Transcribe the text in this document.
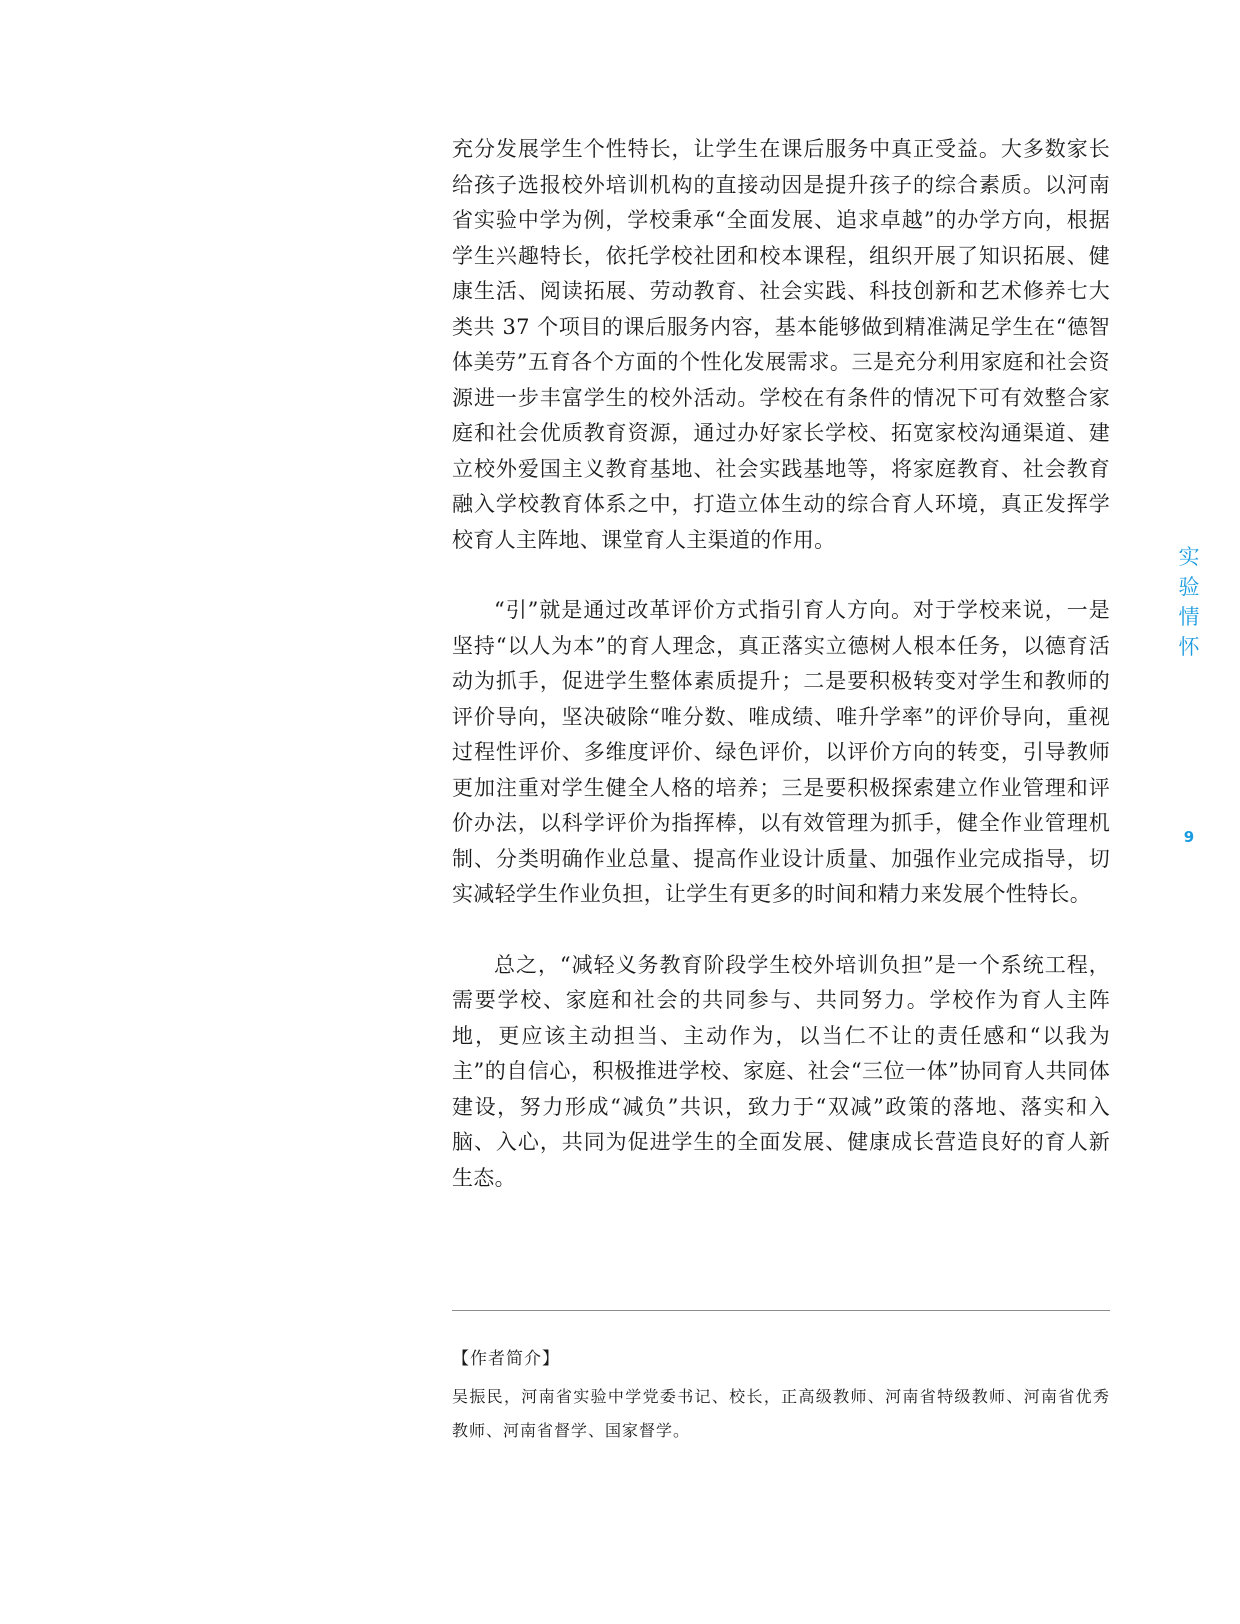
充分发展学生个性特长，让学生在课后服务中真正受益。大多数家长给孩子选报校外培训机构的直接动因是提升孩子的综合素质。以河南省实验中学为例，学校秉承“全面发展、追求卓越”的办学方向，根据学生兴趣特长，依托学校社团和校本课程，组织开展了知识拓展、健康生活、阅读拓展、劳动教育、社会实践、科技创新和艺术修养七大类共 37 个项目的课后服务内容，基本能够做到精准满足学生在“德智体美劳”五育各个方面的个性化发展需求。三是充分利用家庭和社会资源进一步丰富学生的校外活动。学校在有条件的情况下可有效整合家庭和社会优质教育资源，通过办好家长学校、拓宽家校沟通渠道、建立校外爱国主义教育基地、社会实践基地等，将家庭教育、社会教育融入学校教育体系之中，打造立体生动的综合育人环境，真正发挥学校育人主阵地、课堂育人主渠道的作用。

“引”就是通过改革评价方式指引育人方向。对于学校来说，一是坚持“以人为本”的育人理念，真正落实立德树人根本任务，以德育活动为抓手，促进学生整体素质提升；二是要积极转变对学生和教师的评价导向，坚决破除“唯分数、唯成绩、唯升学率”的评价导向，重视过程性评价、多维度评价、绿色评价，以评价方向的转变，引导教师更加注重对学生健全人格的培养；三是要积极探索建立作业管理和评价办法，以科学评价为指挥棒，以有效管理为抓手，健全作业管理机制、分类明确作业总量、提高作业设计质量、加强作业完成指导，切实减轻学生作业负担，让学生有更多的时间和精力来发展个性特长。

总之，“减轻义务教育阶段学生校外培训负担”是一个系统工程，需要学校、家庭和社会的共同参与、共同努力。学校作为育人主阵地，更应该主动担当、主动作为，以当仁不让的责任感和“以我为主”的自信心，积极推进学校、家庭、社会“三位一体”协同育人共同体建设，努力形成“减负”共识，致力于“双减”政策的落地、落实和入脑、入心，共同为促进学生的全面发展、健康成长营造良好的育人新生态。

【作者简介】

吴振民，河南省实验中学党委书记、校长，正高级教师、河南省特级教师、河南省优秀教师、河南省督学、国家督学。

实
验
情
怀
9
